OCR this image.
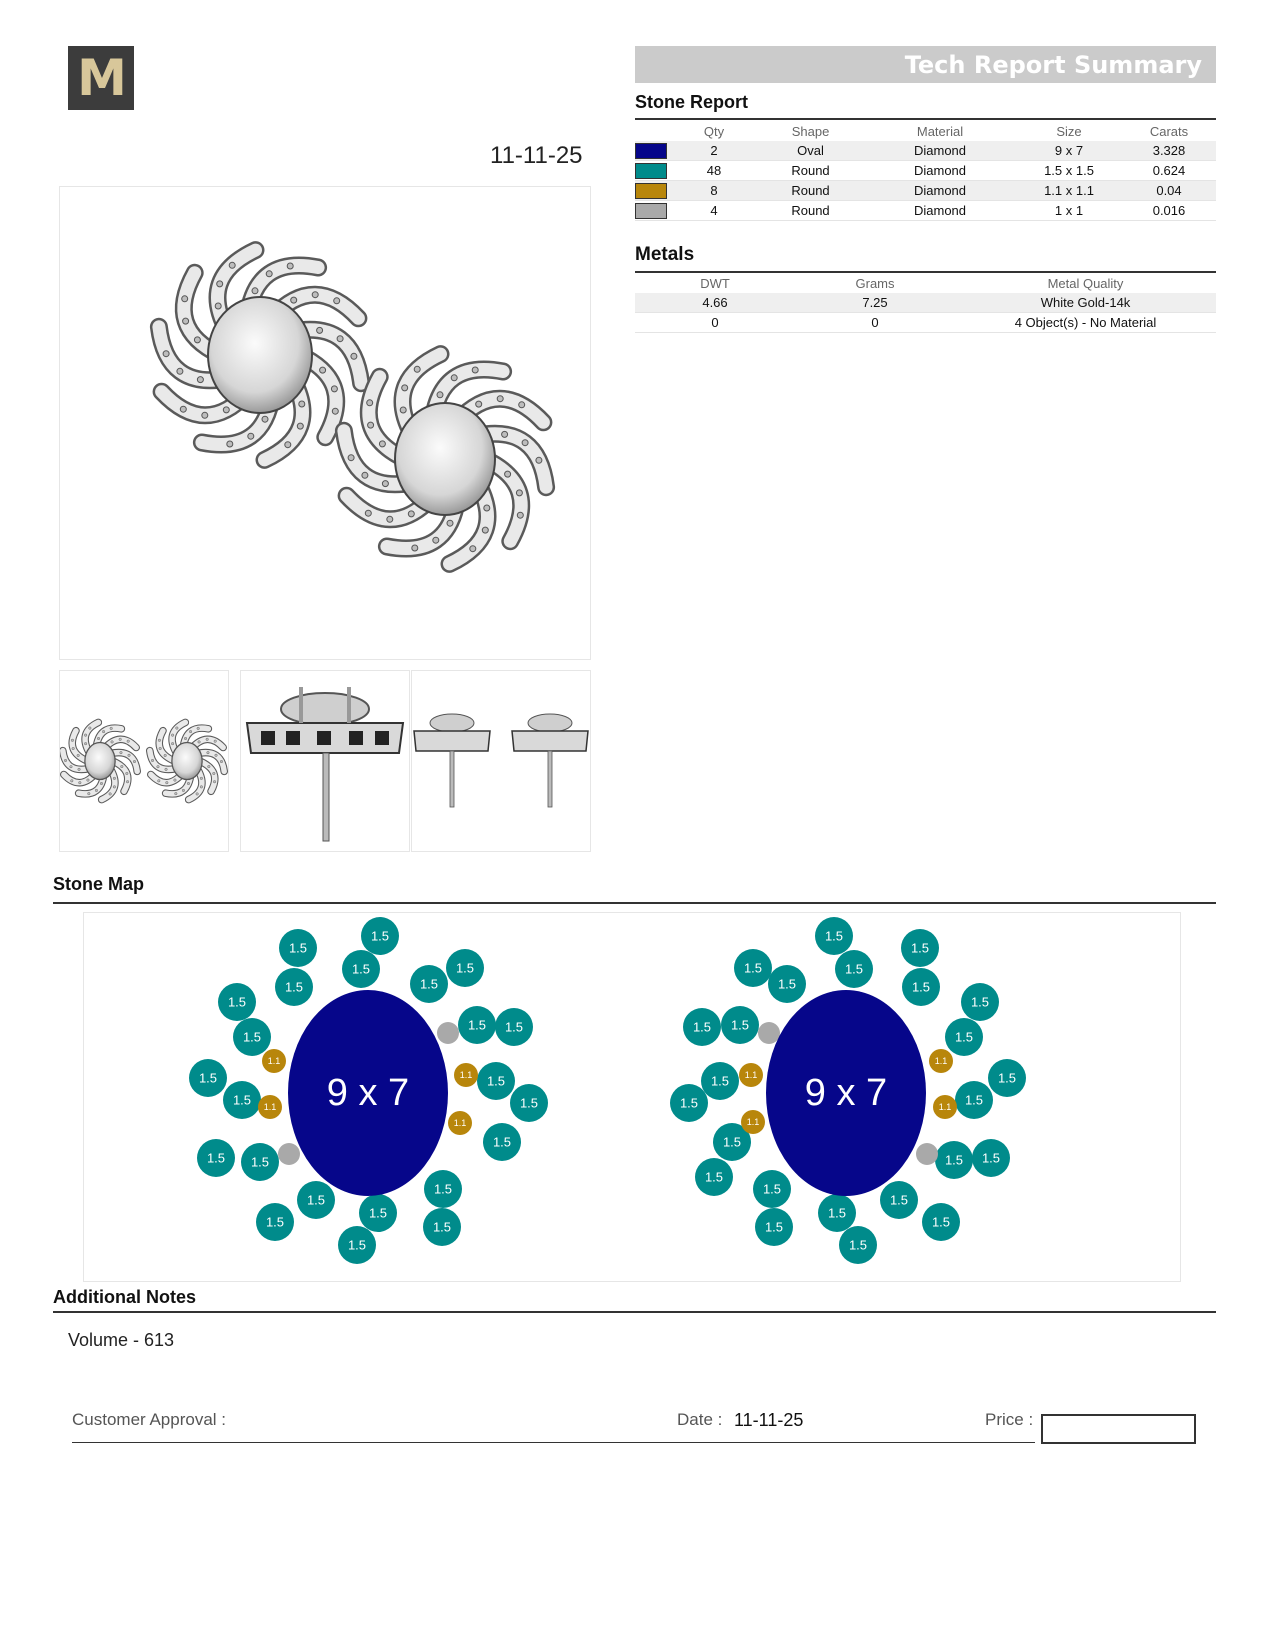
M
11-11-25
Tech Report Summary
Stone Report
	Qty	Shape	Material	Size	Carats

	2	Oval	Diamond	9 x 7	3.328

	48	Round	Diamond	1.5 x 1.5	0.624

	8	Round	Diamond	1.1 x 1.1	0.04

	4	Round	Diamond	1 x 1	0.016
Metals
DWT	Grams	Metal Quality
4.66	7.25	White Gold-14k
0	0	4 Object(s) - No Material
Stone Map
1.5
1.5
1.5
1.5
1.5
1.5
1.5
1.5
1.5
1.5
1.5 1.5
1.5
1.5
1.5 1.5
1.5
1.5
1.5
1.5
1.5	1.5
1.5
1.1
1.1
1.1
1.1
9 x 7
1.5
1.5
1.5
1.5
1.5
1.5
1.5
1.5
1.5 1.5
1.5
1.5
1.5
1.5
1.5
1.5 1.5
1.5
1.5
1.5
1.5
1.5	1.5
1.5
1.1
1.1
1.1
1.1
9 x 7
Additional Notes
Volume - 613
Customer Approval :	Date : 11-11-25	Price :
